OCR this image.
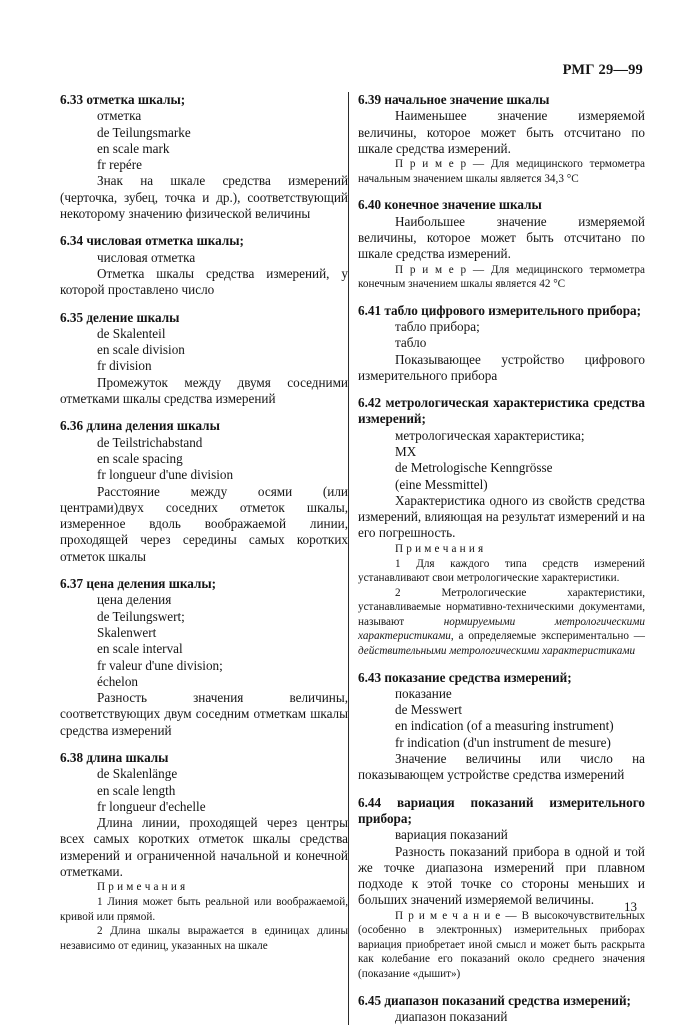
РМГ 29—99

6.33 отметка шкалы;

отметка

de Teilungsmarke

en scale mark

fr repére

Знак на шкале средства измерений (черточка, зубец, точка и др.), соответствующий некоторому значению физической величины

6.34 числовая отметка шкалы;

числовая отметка

Отметка шкалы средства измерений, у которой проставлено число

6.35 деление шкалы

de Skalenteil

en scale division

fr division

Промежуток между двумя соседними отметками шкалы средства измерений

6.36 длина деления шкалы

de Teilstrichabstand

en scale spacing

fr longueur d'une division

Расстояние между осями (или центрами)двух соседних отметок шкалы, измеренное вдоль воображаемой линии, проходящей через середины самых коротких отметок шкалы

6.37 цена деления шкалы;

цена деления

de Teilungswert;

Skalenwert

en scale interval

fr valeur d'une division;

échelon

Разность значения величины, соответствующих двум соседним отметкам шкалы средства измерений

6.38 длина шкалы

de Skalenlänge

en scale length

fr longueur d'echelle

Длина линии, проходящей через центры всех самых коротких отметок шкалы средства измерений и ограниченной начальной и конечной отметками.

П р и м е ч а н и я

1 Линия может быть реальной или воображаемой, кривой или прямой.

2 Длина шкалы выражается в единицах длины независимо от единиц, указанных на шкале

6.39 начальное значение шкалы

Наименьшее значение измеряемой величины, которое может быть отсчитано по шкале средства измерений.

П р и м е р — Для медицинского термометра начальным значением шкалы является 34,3 °С

6.40 конечное значение шкалы

Наибольшее значение измеряемой величины, которое может быть отсчитано по шкале средства измерений.

П р и м е р — Для медицинского термометра конечным значением шкалы является 42 °С

6.41 табло цифрового измерительного прибора;

табло прибора;

табло

Показывающее устройство цифрового измерительного прибора

6.42 метрологическая характеристика средства измерений;

метрологическая характеристика;

МХ

de Metrologische Kenngrösse

(eine Messmittel)

Характеристика одного из свойств средства измерений, влияющая на результат измерений и на его погрешность.

П р и м е ч а н и я

1 Для каждого типа средств измерений устанавливают свои метрологические характеристики.

2 Метрологические характеристики, устанавливаемые нормативно-техническими документами, называют нормируемыми метрологическими характеристиками, а определяемые экспериментально — действительными метрологическими характеристиками

6.43 показание средства измерений;

показание

de Messwert

en indication (of a measuring instrument)

fr indication (d'un instrument de mesure)

Значение величины или число на показывающем устройстве средства измерений

6.44 вариация показаний измерительного прибора;

вариация показаний

Разность показаний прибора в одной и той же точке диапазона измерений при плавном подходе к этой точке со стороны меньших и больших значений измеряемой величины.

П р и м е ч а н и е — В высокочувствительных (особенно в электронных) измерительных приборах вариация приобретает иной смысл и может быть раскрыта как колебание его показаний около среднего значения (показание «дышит»)

6.45 диапазон показаний средства измерений;

диапазон показаний

13
